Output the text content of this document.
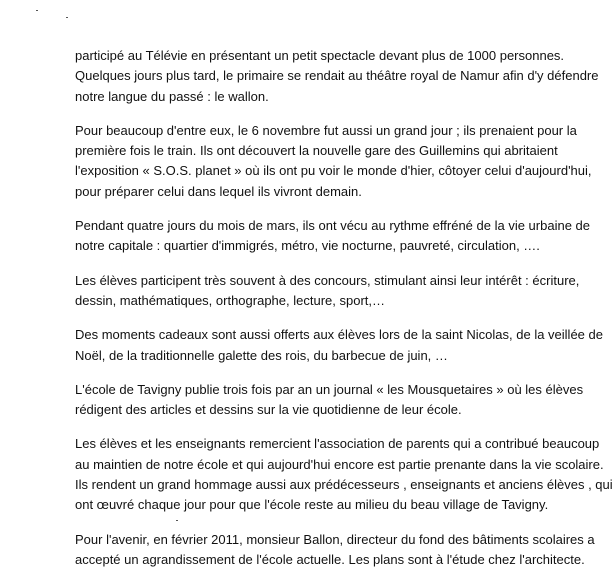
participé au Télévie en présentant un petit spectacle devant plus de 1000 personnes.
Quelques jours plus tard, le primaire se rendait au théâtre royal de Namur afin d'y défendre
notre langue du passé : le wallon.
Pour beaucoup d'entre eux, le 6 novembre fut aussi un grand jour ; ils prenaient pour la
première fois le train. Ils ont découvert la nouvelle gare des Guillemins qui abritaient
l'exposition « S.O.S. planet » où ils ont pu voir le monde d'hier, côtoyer celui d'aujourd'hui,
pour préparer celui dans lequel ils vivront demain.
Pendant quatre jours du mois de mars, ils ont vécu au rythme effréné de la vie urbaine de
notre capitale : quartier d'immigrés, métro, vie nocturne, pauvreté, circulation, ….
Les élèves participent très souvent à des concours, stimulant ainsi leur intérêt : écriture,
dessin, mathématiques, orthographe, lecture, sport,…
Des moments cadeaux sont aussi offerts aux élèves lors de la saint Nicolas, de la veillée de
Noël, de la traditionnelle galette des rois, du barbecue de juin, …
L'école de Tavigny publie trois fois par an un journal « les Mousquetaires » où les élèves
rédigent des articles et dessins sur la vie quotidienne de leur école.
Les élèves et les enseignants remercient l'association de parents qui a contribué beaucoup
au maintien de notre école et qui aujourd'hui encore est partie prenante dans la vie scolaire.
Ils rendent un grand hommage aussi aux prédécesseurs , enseignants et anciens élèves , qui
ont œuvré chaque jour pour que l'école reste au milieu du beau village de Tavigny.
Pour l'avenir, en février 2011, monsieur Ballon, directeur du fond des bâtiments scolaires a
accepté un agrandissement de l'école actuelle. Les plans sont à l'étude chez l'architecte.
